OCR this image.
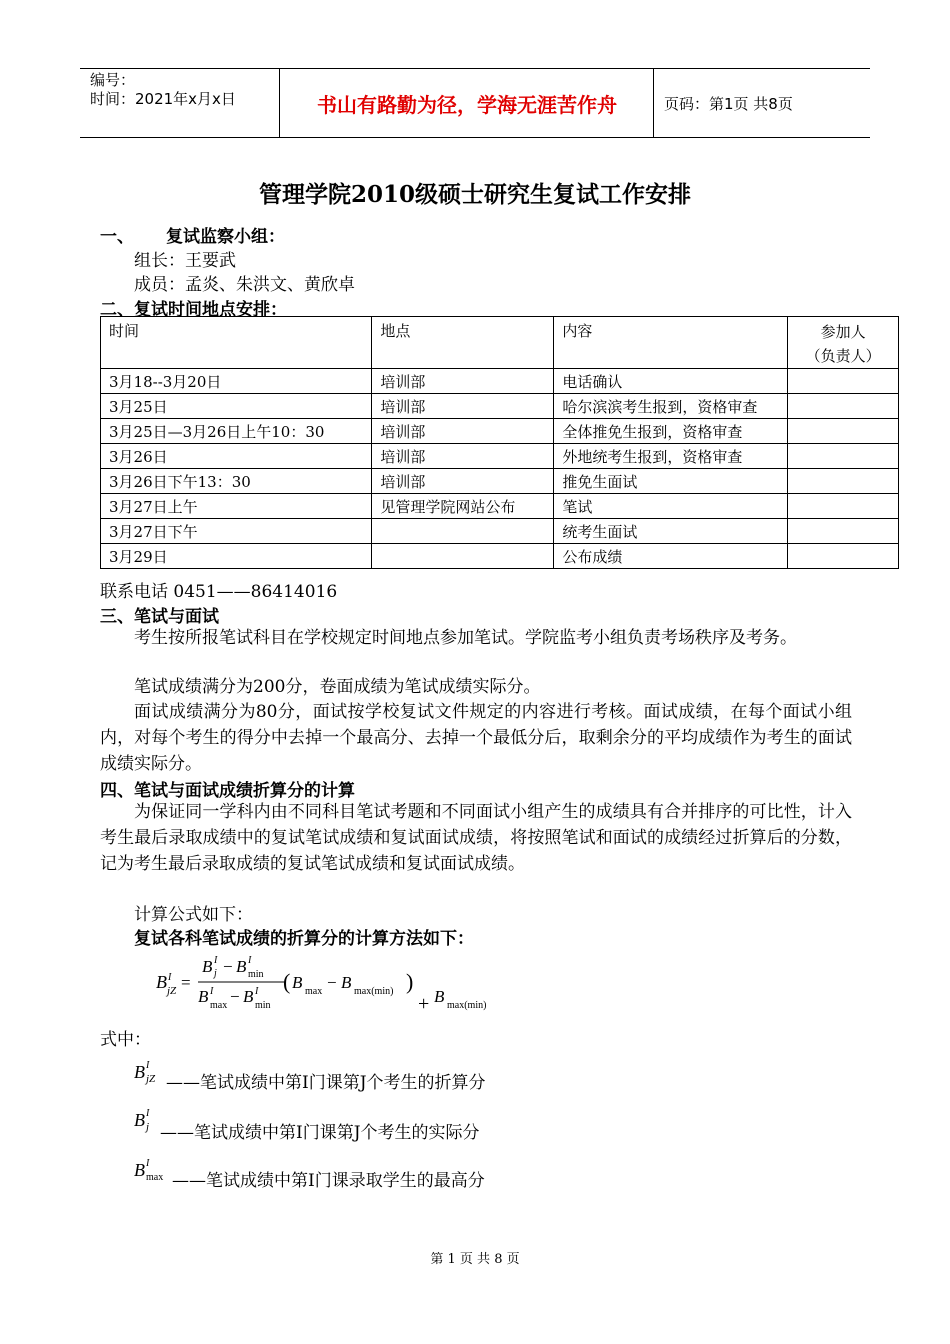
编号：
时间：2021年x月x日	书山有路勤为径，学海无涯苦作舟	页码：第1页 共8页
管理学院2010级硕士研究生复试工作安排
一、 复试监察小组：
组长：王要武
成员：孟炎、朱洪文、黄欣卓
二、复试时间地点安排：
时间	地点	内容	参加人
（负责人）

3月18--3月20日	培训部	电话确认	
3月25日	培训部	哈尔滨滨考生报到，资格审查	
3月25日—3月26日上午10：30	培训部	全体推免生报到，资格审查	
3月26日	培训部	外地统考生报到，资格审查	
3月26日下午13：30	培训部	推免生面试	
3月27日上午	见管理学院网站公布	笔试	
3月27日下午		统考生面试	
3月29日		公布成绩	
联系电话 0451——86414016
三、笔试与面试
考生按所报笔试科目在学校规定时间地点参加笔试。学院监考小组负责考场秩序及考务。
笔试成绩满分为200分，卷面成绩为笔试成绩实际分。
面试成绩满分为80分，面试按学校复试文件规定的内容进行考核。面试成绩，在每个面试小组内，对每个考生的得分中去掉一个最高分、去掉一个最低分后，取剩余分的平均成绩作为考生的面试成绩实际分。
四、笔试与面试成绩折算分的计算
为保证同一学科内由不同科目笔试考题和不同面试小组产生的成绩具有合并排序的可比性，计入考生最后录取成绩中的复试笔试成绩和复试面试成绩，将按照笔试和面试的成绩经过折算后的分数，记为考生最后录取成绩的复试笔试成绩和复试面试成绩。
计算公式如下：
复试各科笔试成绩的折算分的计算方法如下：
B I
jZ =
B I
j − B I
min
B I
max − B I
min
( B max − B max(min) )
+ B max(min)
式中：
B I
jZ ——笔试成绩中第I门课第J个考生的折算分
B I
j ——笔试成绩中第I门课第J个考生的实际分
B I
max ——笔试成绩中第I门课录取学生的最高分
第 1 页 共 8 页
